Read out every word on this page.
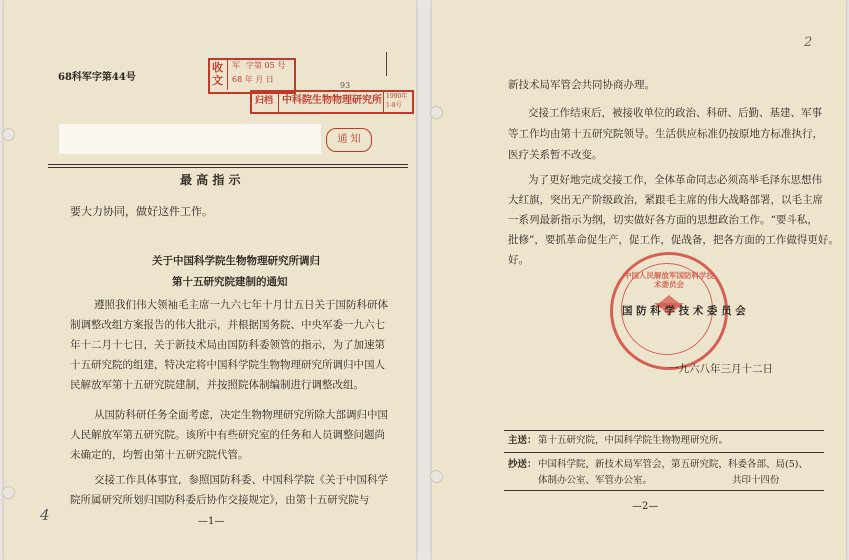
68科军字第44号
收
文
军 字第 05 号
68 年 月 日
归档 中科院生物物理研究所 1990年
1-8号
93
通 知
最 高 指 示
要大力协同，做好这件工作。
关于中国科学院生物物理研究所调归
第十五研究院建制的通知
遵照我们伟大领袖毛主席一九六七年十月廿五日关于国防科研体
制调整改组方案报告的伟大批示，并根据国务院、中央军委一九六七
年十二月十七日，关于新技术局由国防科委领管的指示，为了加速第
十五研究院的组建，特决定将中国科学院生物物理研究所调归中国人
民解放军第十五研究院建制，并按照院体制编制进行调整改组。
从国防科研任务全面考虑，决定生物物理研究所除大部调归中国
人民解放军第五研究院。该所中有些研究室的任务和人员调整问题尚
未确定的，均暂由第十五研究院代管。
交接工作具体事宜，参照国防科委、中国科学院《关于中国科学
院所属研究所划归国防科委后协作交接规定》，由第十五研究院与
—1—
4
2
新技术局军管会共同协商办理。
交接工作结束后，被接收单位的政治、科研、后勤、基建、军事
等工作均由第十五研究院领导。生活供应标准仍按原地方标准执行，
医疗关系暂不改变。
为了更好地完成交接工作，全体革命同志必须高举毛泽东思想伟
大红旗，突出无产阶级政治，紧跟毛主席的伟大战略部署，以毛主席
一系列最新指示为纲，切实做好各方面的思想政治工作。“要斗私，
批修”，要抓革命促生产，促工作，促战备，把各方面的工作做得更好。
好。
中国人民解放军国防科学技术委员会
国 防 科 学 技 术 委 员 会
一九六八年三月十二日
主送： 第十五研究院，中国科学院生物物理研究所。
抄送： 中国科学院，新技术局军管会，第五研究院，科委各部、局(5)、
体制办公室、军管办公室。	共印十四份
—2—
